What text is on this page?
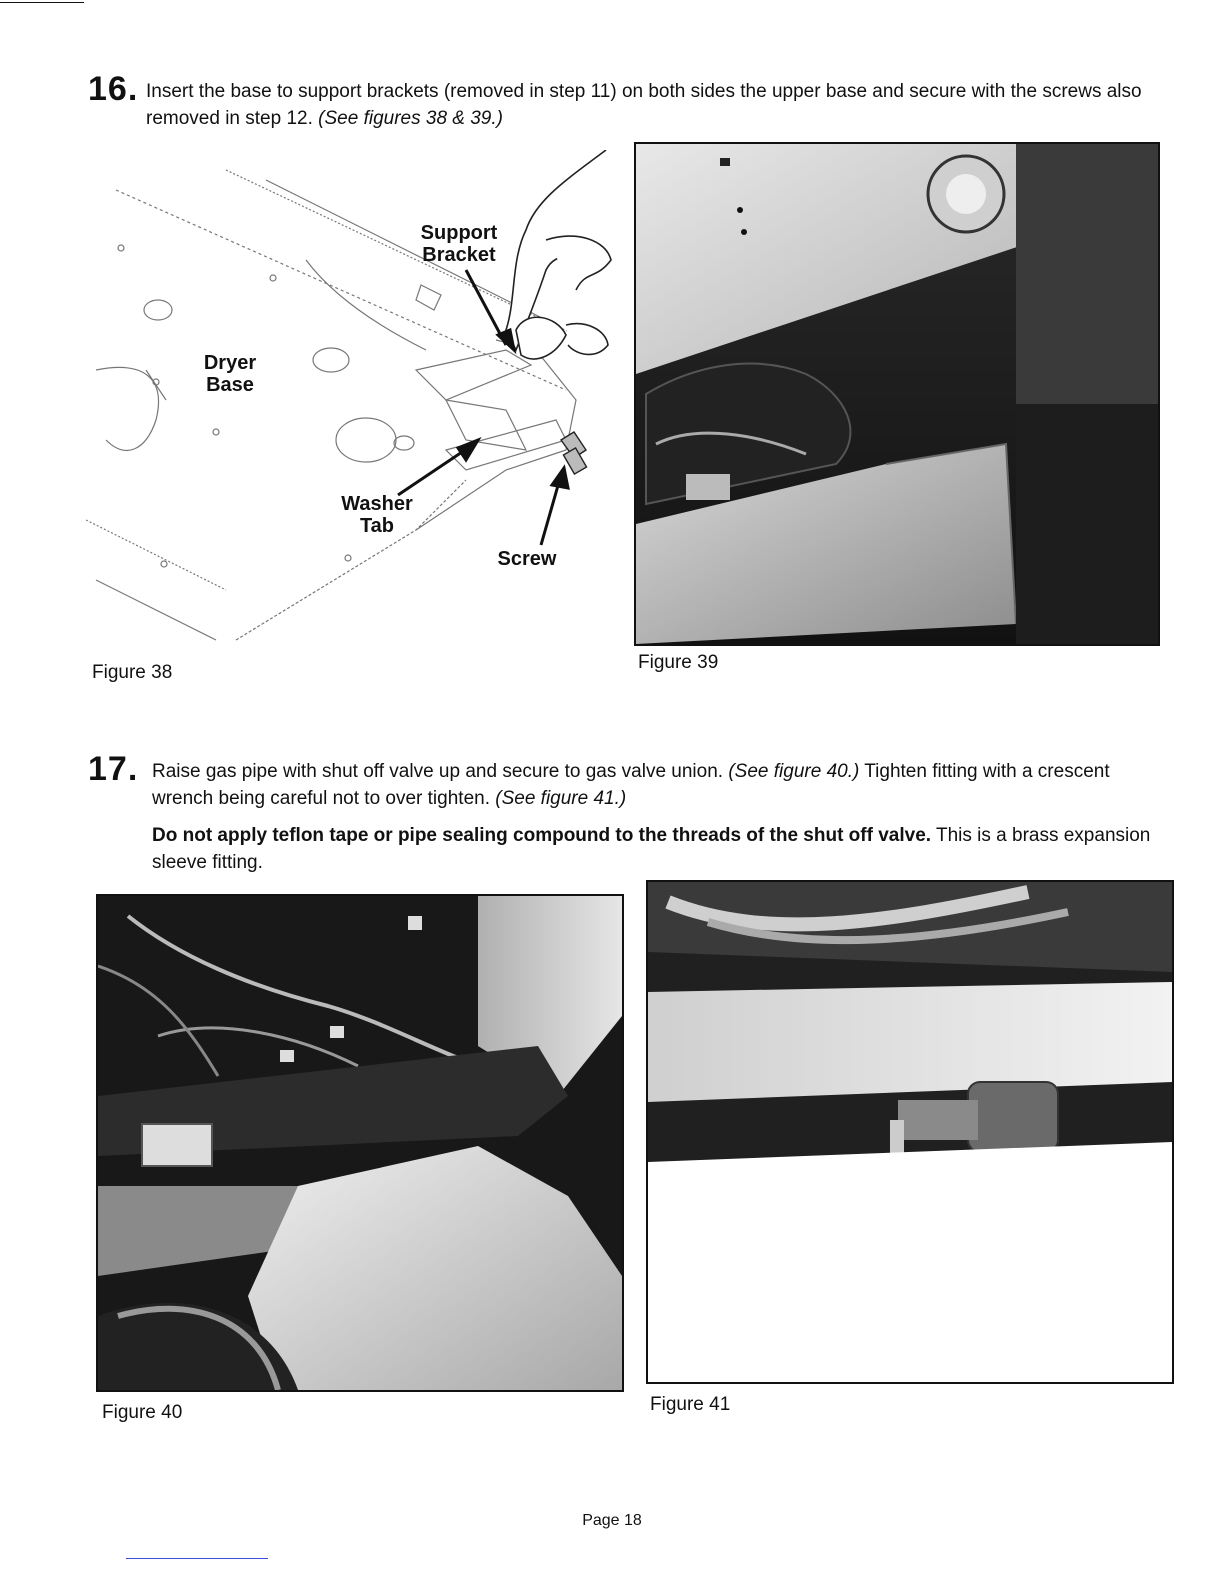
16. Insert the base to support brackets (removed in step 11) on both sides the upper base and secure with the screws also removed in step 12. (See figures 38 & 39.)

Support
Bracket
Dryer
Base
Washer
Tab
Screw
Figure 38	Figure 39
17. Raise gas pipe with shut off valve up and secure to gas valve union. (See figure 40.) Tighten fitting with a crescent wrench being careful not to over tighten. (See figure 41.)

Do not apply teflon tape or pipe sealing compound to the threads of the shut off valve. This is a brass expansion sleeve fitting.

Figure 40	Figure 41
Page 18
